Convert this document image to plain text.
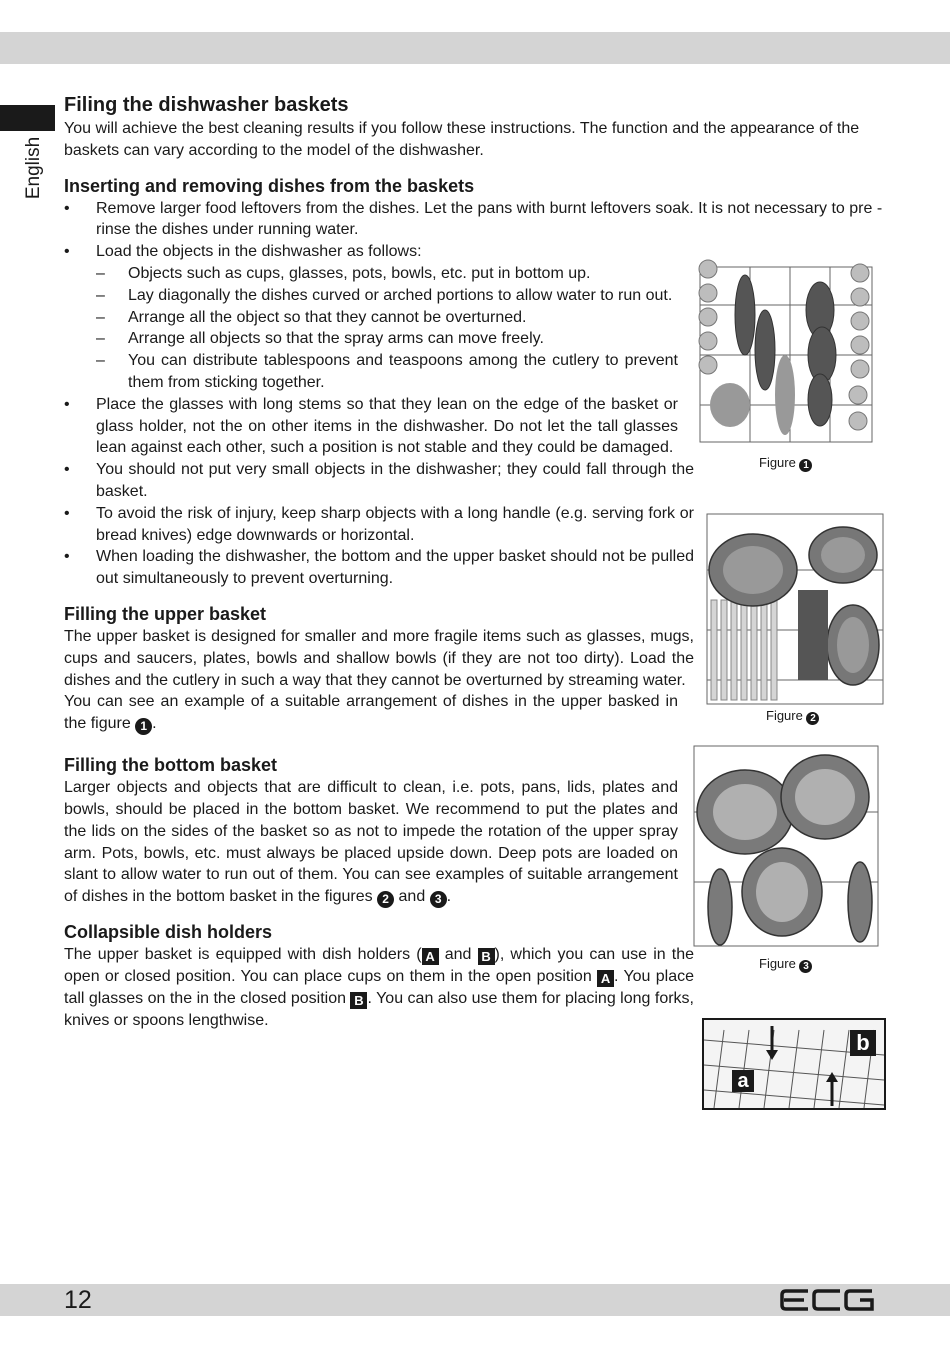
English
Filing the dishwasher baskets

You will achieve the best cleaning results if you follow these instructions. The function and the appearance of the baskets can vary according to the model of the dishwasher.

Inserting and removing dishes from the baskets
• Remove larger food leftovers from the dishes. Let the pans with burnt leftovers soak. It is not necessary to pre -rinse the dishes under running water.
• Load the objects in the dishwasher as follows:
– Objects such as cups, glasses, pots, bowls, etc. put in bottom up.
– Lay diagonally the dishes curved or arched portions to allow water to run out.
– Arrange all the object so that they cannot be overturned.
– Arrange all objects so that the spray arms can move freely.
– You can distribute tablespoons and teaspoons among the cutlery to prevent them from sticking together.
• Place the glasses with long stems so that they lean on the edge of the basket or glass holder, not the on other items in the dishwasher. Do not let the tall glasses lean against each other, such a position is not stable and they could be damaged.
• You should not put very small objects in the dishwasher; they could fall through the basket.
• To avoid the risk of injury, keep sharp objects with a long handle (e.g. serving fork or bread knives) edge downwards or horizontal.
• When loading the dishwasher, the bottom and the upper basket should not be pulled out simultaneously to prevent overturning.
Filling the upper basket

The upper basket is designed for smaller and more fragile items such as glasses, mugs, cups and saucers, plates, bowls and shallow bowls (if they are not too dirty). Load the dishes and the cutlery in such a way that they cannot be overturned by streaming water.

You can see an example of a suitable arrangement of dishes in the upper basked in the figure 1 .

Filling the bottom basket

Larger objects and objects that are difficult to clean, i.e. pots, pans, lids, plates and bowls, should be placed in the bottom basket. We recommend to put the plates and the lids on the sides of the basket so as not to impede the rotation of the upper spray arm. Pots, bowls, etc. must always be placed upside down. Deep pots are loaded on slant to allow water to run out of them. You can see examples of suitable arrangement of dishes in the bottom basket in the figures 2 and 3 .

Collapsible dish holders

The upper basket is equipped with dish holders ( A and B ), which you can use in the open or closed position. You can place cups on them in the open position A . You place tall glasses on the in the closed position B . You can also use them for placing long forks, knives or spoons lengthwise.

Figure 1
Figure 2
Figure 3
a
b
12
